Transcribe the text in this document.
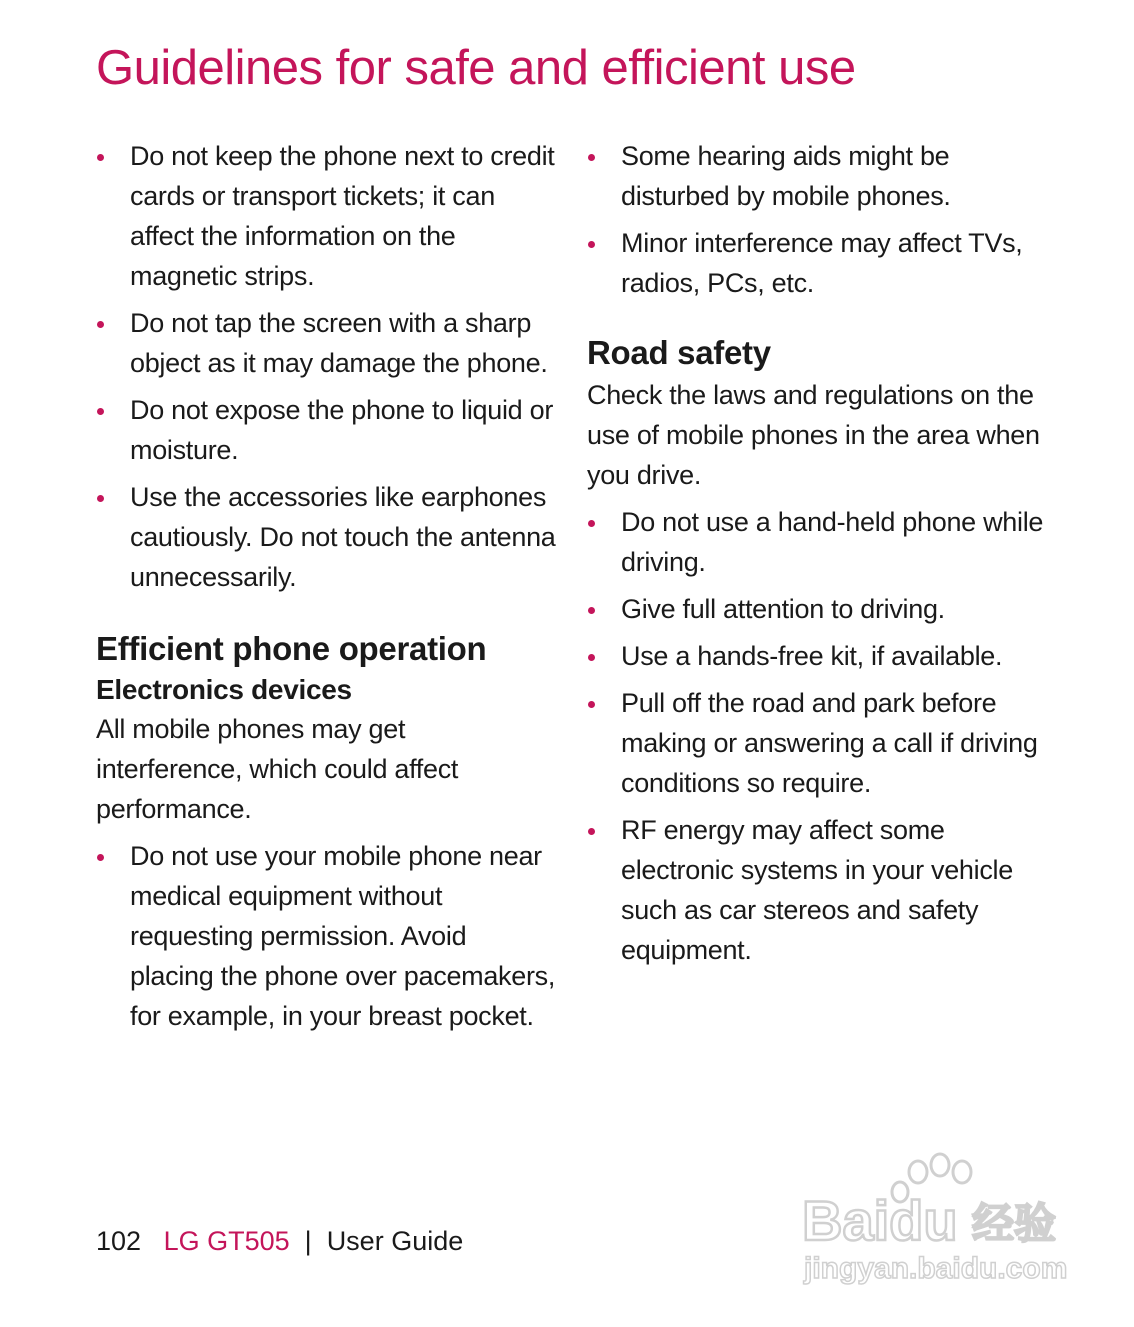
Guidelines for safe and efficient use
Do not keep the phone next to credit cards or transport tickets; it can affect the information on the magnetic strips.
Do not tap the screen with a sharp object as it may damage the phone.
Do not expose the phone to liquid or moisture.
Use the accessories like earphones cautiously. Do not touch the antenna unnecessarily.
Efficient phone operation
Electronics devices

All mobile phones may get interference, which could affect performance.

Do not use your mobile phone near medical equipment without requesting permission. Avoid placing the phone over pacemakers, for example, in your breast pocket.
Some hearing aids might be disturbed by mobile phones.
Minor interference may affect TVs, radios, PCs, etc.
Road safety

Check the laws and regulations on the use of mobile phones in the area when you drive.

Do not use a hand-held phone while driving.
Give full attention to driving.
Use a hands-free kit, if available.
Pull off the road and park before making or answering a call if driving conditions so require.
RF energy may affect some electronic systems in your vehicle such as car stereos and safety equipment.
102 LG GT505 | User Guide	Baidu 经验
jingyan.baidu.com
